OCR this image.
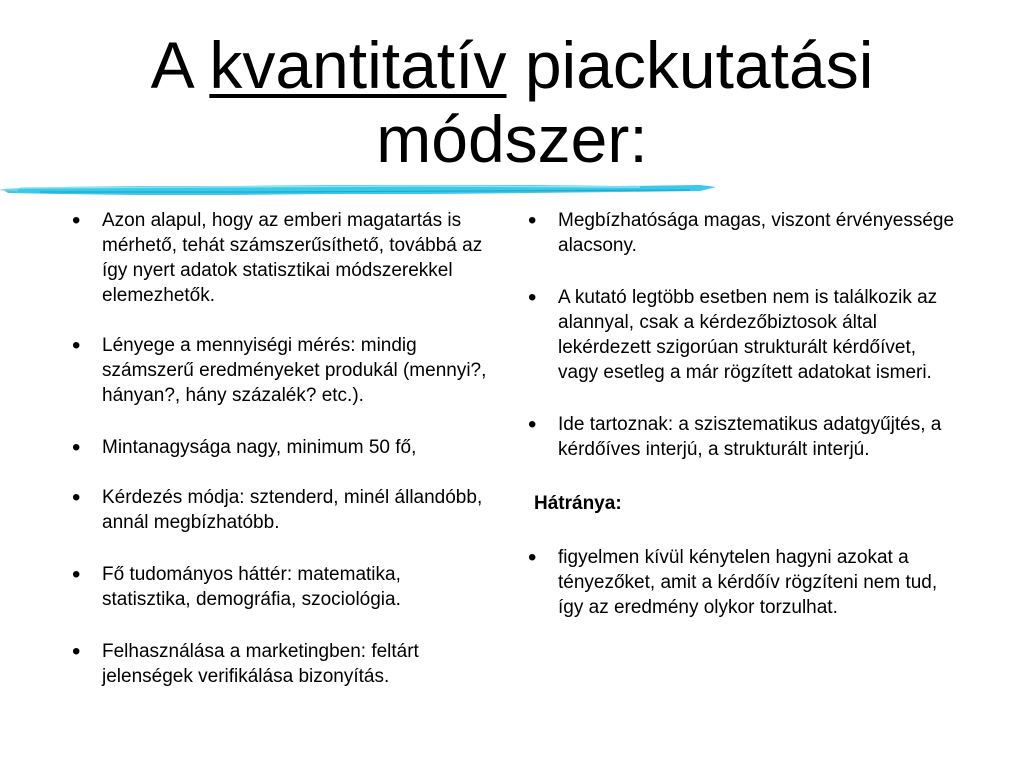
A kvantitatív piackutatási
módszer:
• Azon alapul, hogy az emberi magatartás is mérhető, tehát számszerűsíthető, továbbá az így nyert adatok statisztikai módszerekkel elemezhetők.
• Lényege a mennyiségi mérés: mindig számszerű eredményeket produkál (mennyi?, hányan?, hány százalék? etc.).
• Mintanagysága nagy, minimum 50 fő,
• Kérdezés módja: sztenderd, minél állandóbb, annál megbízhatóbb.
• Fő tudományos háttér: matematika, statisztika, demográfia, szociológia.
• Felhasználása a marketingben: feltárt jelenségek verifikálása bizonyítás.
• Megbízhatósága magas, viszont érvényessége alacsony.
• A kutató legtöbb esetben nem is találkozik az alannyal, csak a kérdezőbiztosok által lekérdezett szigorúan strukturált kérdőívet, vagy esetleg a már rögzített adatokat ismeri.
• Ide tartoznak: a szisztematikus adatgyűjtés, a kérdőíves interjú, a strukturált interjú.

Hátránya:

• figyelmen kívül kénytelen hagyni azokat a tényezőket, amit a kérdőív rögzíteni nem tud, így az eredmény olykor torzulhat.
